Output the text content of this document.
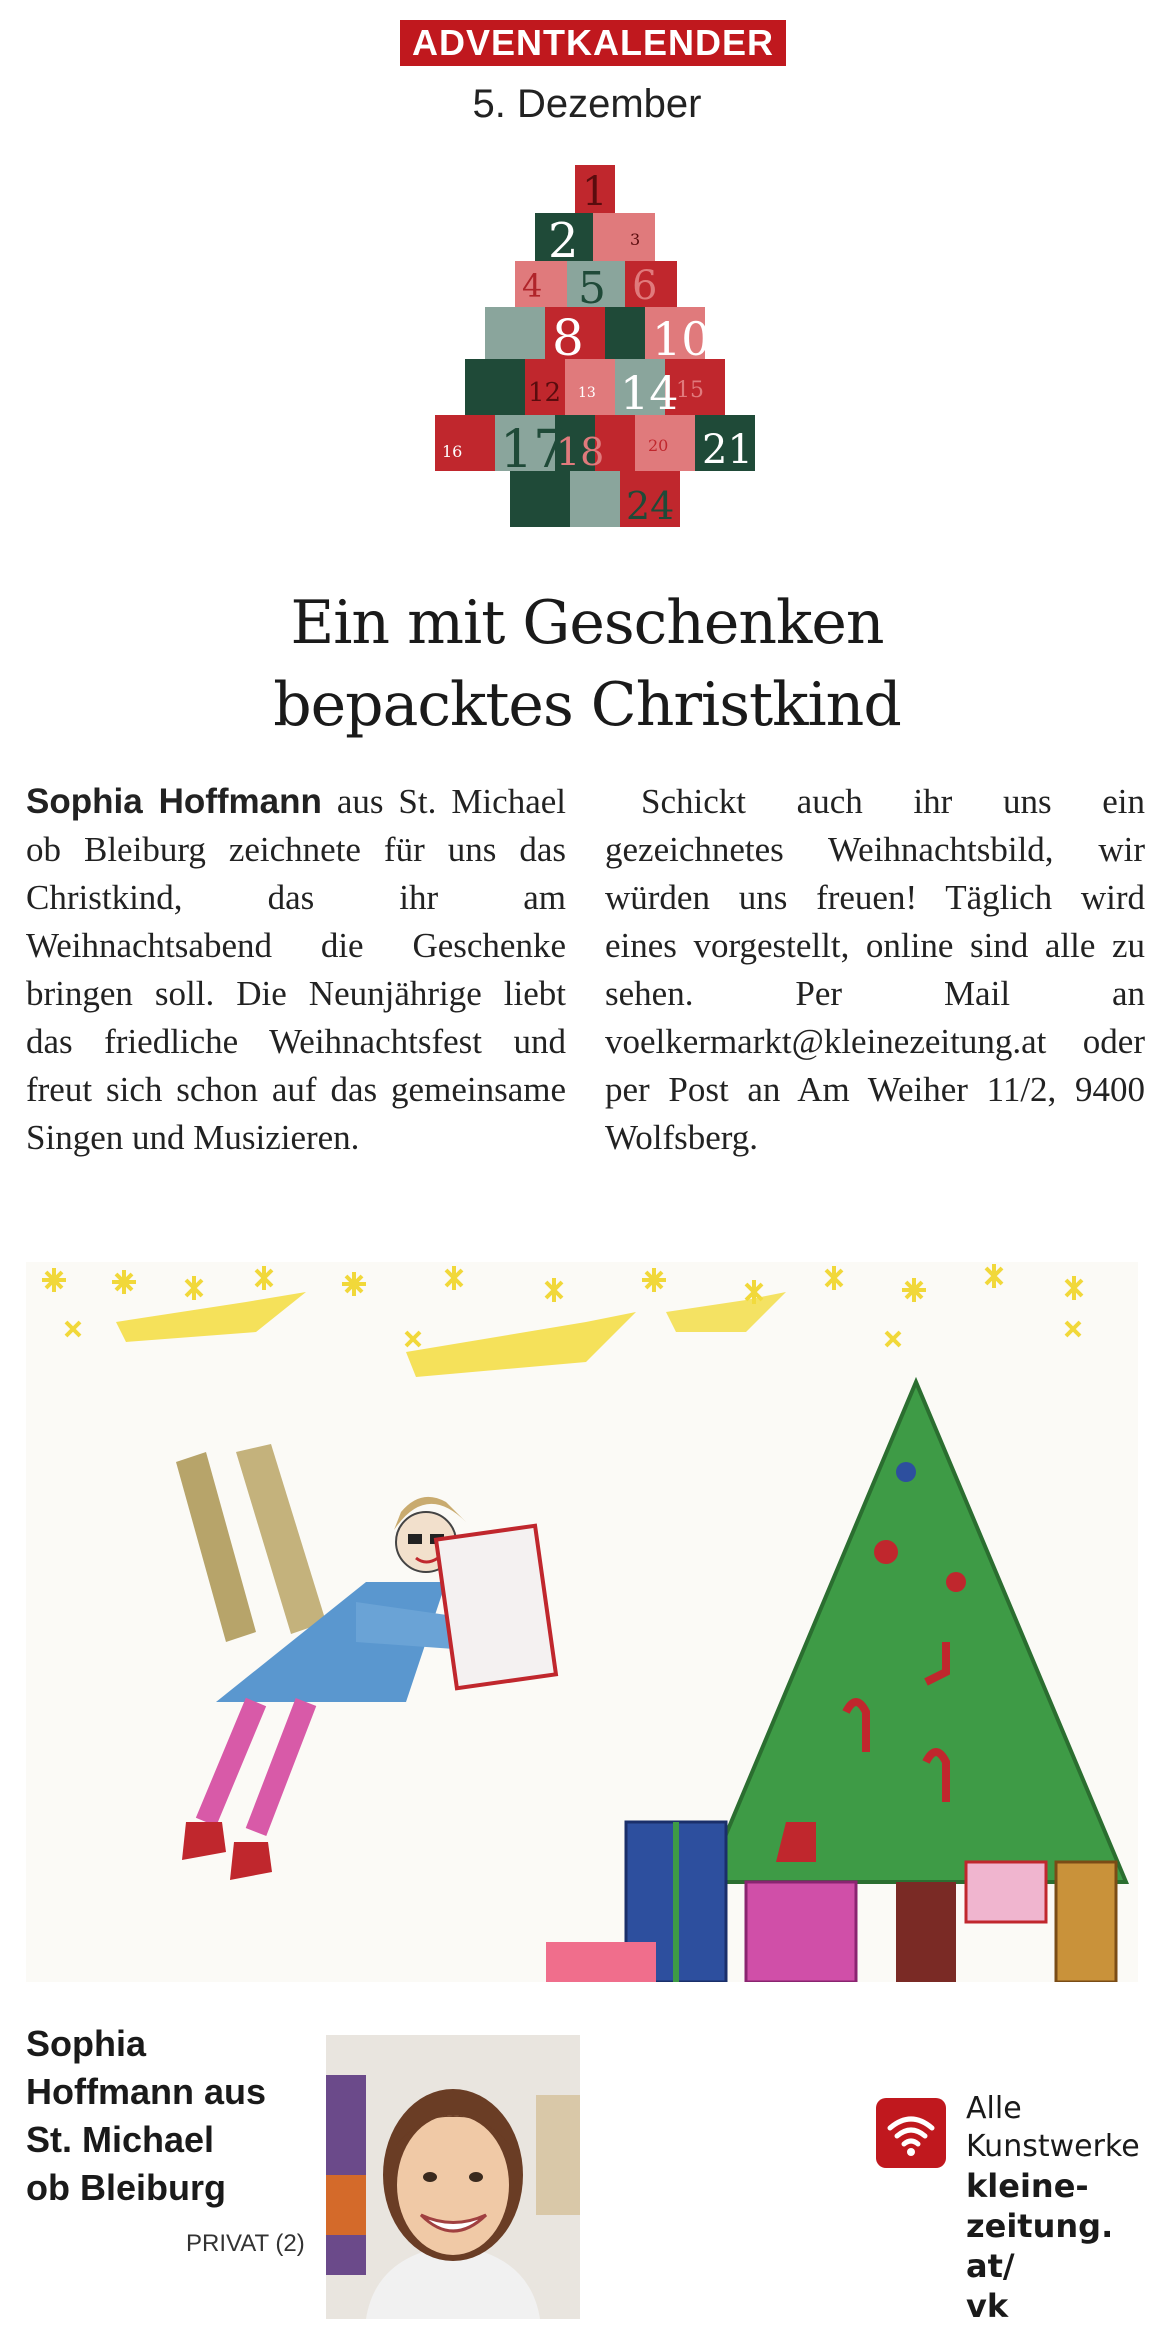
ADVENTKALENDER
5. Dezember
1
2	3
4 5 6
8 10
12 13 14
15
16 17
18	20 21
24
Ein mit Geschenken
bepacktes Christkind

Sophia Hoffmann aus St. Michael ob Bleiburg zeichnete für uns das Christkind, das ihr am Weihnachtsabend die Geschenke bringen soll. Die Neunjährige liebt das friedliche Weihnachtsfest und freut sich schon auf das gemeinsame Singen und Musizieren.

Schickt auch ihr uns ein gezeichnetes Weihnachtsbild, wir würden uns freuen! Täglich wird eines vorgestellt, online sind alle zu sehen. Per Mail an voelkermarkt@kleinezeitung.at oder per Post an Am Weiher 11/2, 9400 Wolfsberg.

Sophia
Hoffmann aus
St. Michael
ob Bleiburg
PRIVAT (2)
Alle
Kunstwerke
kleine-
zeitung.at/
vk
